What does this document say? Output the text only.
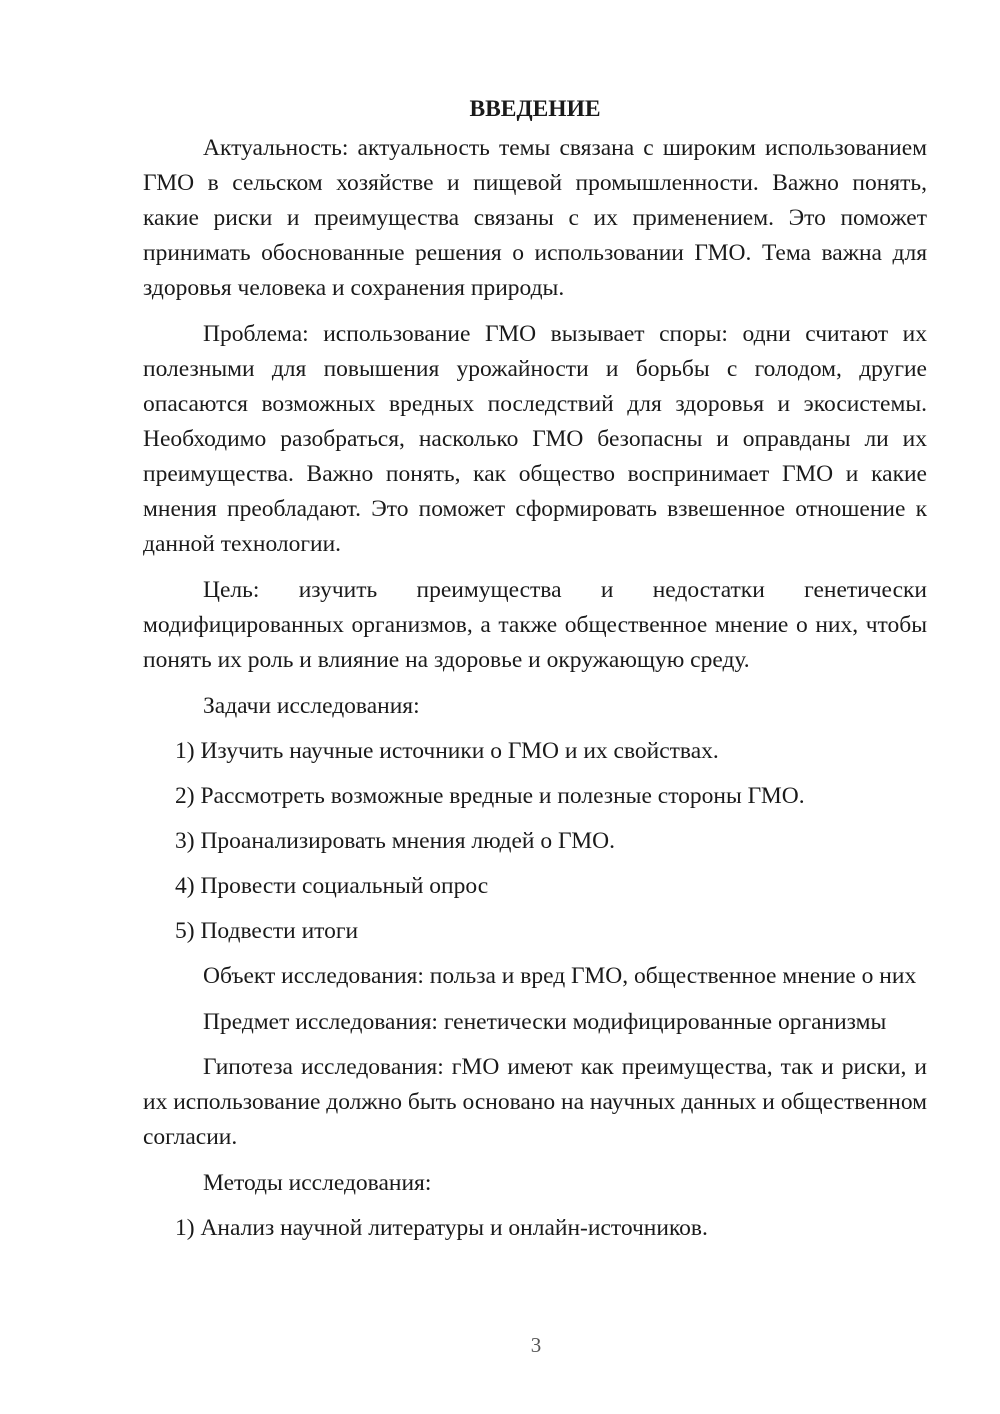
ВВЕДЕНИЕ

Актуальность: актуальность темы связана с широким использованием ГМО в сельском хозяйстве и пищевой промышленности. Важно понять, какие риски и преимущества связаны с их применением. Это поможет принимать обоснованные решения о использовании ГМО. Тема важна для здоровья человека и сохранения природы.

Проблема: использование ГМО вызывает споры: одни считают их полезными для повышения урожайности и борьбы с голодом, другие опасаются возможных вредных последствий для здоровья и экосистемы. Необходимо разобраться, насколько ГМО безопасны и оправданы ли их преимущества. Важно понять, как общество воспринимает ГМО и какие мнения преобладают. Это поможет сформировать взвешенное отношение к данной технологии.

Цель: изучить преимущества и недостатки генетически модифицированных организмов, а также общественное мнение о них, чтобы понять их роль и влияние на здоровье и окружающую среду.

Задачи исследования:

1) Изучить научные источники о ГМО и их свойствах.
2) Рассмотреть возможные вредные и полезные стороны ГМО.
3) Проанализировать мнения людей о ГМО.
4) Провести социальный опрос
5) Подвести итоги

Объект исследования: польза и вред ГМО, общественное мнение о них

Предмет исследования: генетически модифицированные организмы

Гипотеза исследования: гМО имеют как преимущества, так и риски, и их использование должно быть основано на научных данных и общественном согласии.

Методы исследования:

1) Анализ научной литературы и онлайн-источников.
3
